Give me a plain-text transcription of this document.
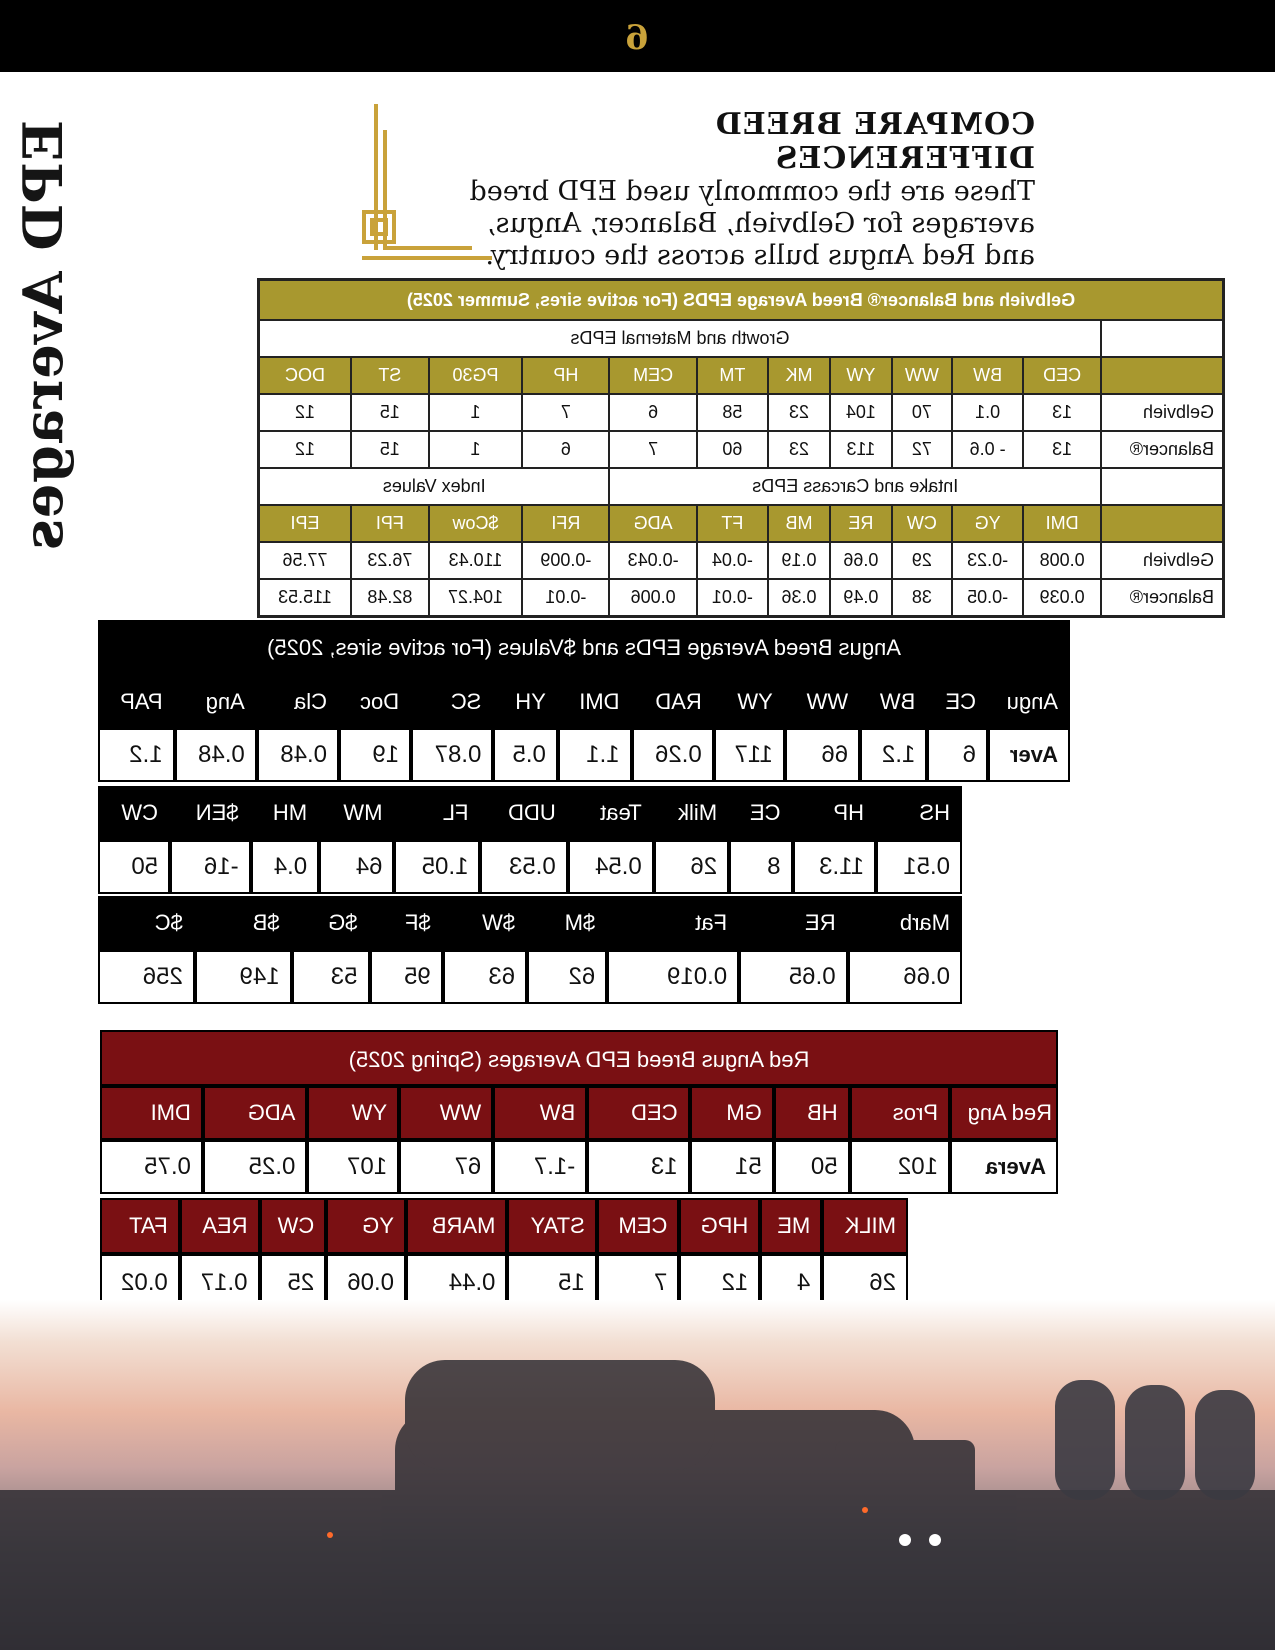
6
EPD Averages	COMPARE BREED DIFFERENCES
These are the commonly used EPD breed averages for Gelbvieh, Balancer, Angus, and Red Angus bulls across the country.
Gelbvieh and Balancer® Breed Average EPDS (For active sires, Summer 2025)											
	Growth and Maternal EPDs										
	CED	BW	WW	YW	MK	TM	CEM	HP	PG30	ST	DOC
Gelbvieh	13	0.1	70	104	23	58	6	7	1	15	12
Balancer®	13	- 0.6	72	113	23	60	7	6	1	15	12
	Intake and Carcass EPDs							Index Values			
	DMI	YG	CW	RE	MB	FT	ADG	RFI	$Cow	FPI	EPI
Gelbvieh	0.008	-0.23	29	0.66	0.19	-0.04	-0.043	-0.009	110.43	76.23	77.56
Balancer®	0.039	-0.05	38	0.49	0.36	-0.01	0.006	-0.01	104.27	82.48	115.53
Angus Breed Average EPDs and $Values (For active sires, 2025)
Angu	CE	BW	WW	YW	RAD	DMI	YH	SC	Doc	Cla	Ang	PAP
Aver	6	1.2	66	117	0.26	1.1	0.5	0.87	19	0.48	0.48	1.2
HS	HP	CE	Milk	Teat	UDD	FL	MW	MH	$EN	CW
0.51	11.3	8	26	0.54	0.53	1.05	64	0.4	-16	50
Marb	RE	Fat	$M	$W	$F	$G	$B	$C
0.66	0.65	0.019	62	63	95	53	149	256
Red Angus Breed EPD Averages (Spring 2025)
Red Ang	Pros	HB	GM	CED	BW	WW	YW	ADG	DMI
Avera	102	50	51	13	-1.7	67	107	0.25	0.75
MILK	ME	HPG	CEM	STAY	MARB	YG	CW	REA	FAT
26	4	12	7	15	0.44	0.06	25	0.17	0.02
